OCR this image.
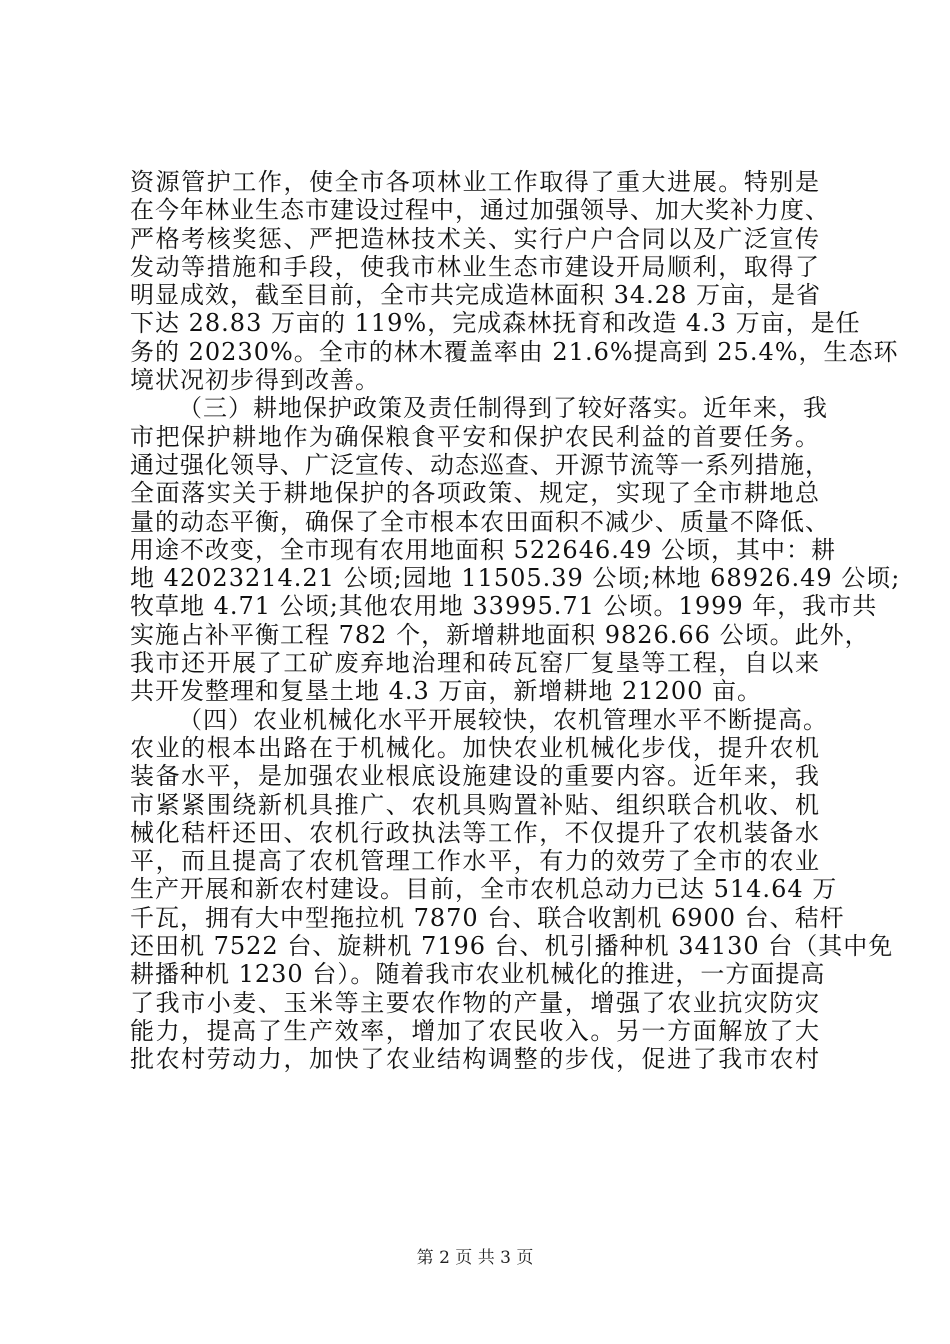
资源管护工作，使全市各项林业工作取得了重大进展。特别是
在今年林业生态市建设过程中，通过加强领导、加大奖补力度、
严格考核奖惩、严把造林技术关、实行户户合同以及广泛宣传
发动等措施和手段，使我市林业生态市建设开局顺利，取得了
明显成效，截至目前，全市共完成造林面积 34.28 万亩，是省
下达 28.83 万亩的 119%，完成森林抚育和改造 4.3 万亩，是任
务的 20230%。全市的林木覆盖率由 21.6%提高到 25.4%，生态环
境状况初步得到改善。
（三）耕地保护政策及责任制得到了较好落实。近年来，我
市把保护耕地作为确保粮食平安和保护农民利益的首要任务。
通过强化领导、广泛宣传、动态巡查、开源节流等一系列措施，
全面落实关于耕地保护的各项政策、规定，实现了全市耕地总
量的动态平衡，确保了全市根本农田面积不减少、质量不降低、
用途不改变，全市现有农用地面积 522646.49 公顷，其中：耕
地 42023214.21 公顷;园地 11505.39 公顷;林地 68926.49 公顷;
牧草地 4.71 公顷;其他农用地 33995.71 公顷。1999 年，我市共
实施占补平衡工程 782 个，新增耕地面积 9826.66 公顷。此外，
我市还开展了工矿废弃地治理和砖瓦窑厂复垦等工程，自以来
共开发整理和复垦土地 4.3 万亩，新增耕地 21200 亩。
（四）农业机械化水平开展较快，农机管理水平不断提高。
农业的根本出路在于机械化。加快农业机械化步伐，提升农机
装备水平，是加强农业根底设施建设的重要内容。近年来，我
市紧紧围绕新机具推广、农机具购置补贴、组织联合机收、机
械化秸杆还田、农机行政执法等工作，不仅提升了农机装备水
平，而且提高了农机管理工作水平，有力的效劳了全市的农业
生产开展和新农村建设。目前，全市农机总动力已达 514.64 万
千瓦，拥有大中型拖拉机 7870 台、联合收割机 6900 台、秸杆
还田机 7522 台、旋耕机 7196 台、机引播种机 34130 台（其中免
耕播种机 1230 台）。随着我市农业机械化的推进，一方面提高
了我市小麦、玉米等主要农作物的产量，增强了农业抗灾防灾
能力，提高了生产效率，增加了农民收入。另一方面解放了大
批农村劳动力，加快了农业结构调整的步伐，促进了我市农村
第 2 页 共 3 页
